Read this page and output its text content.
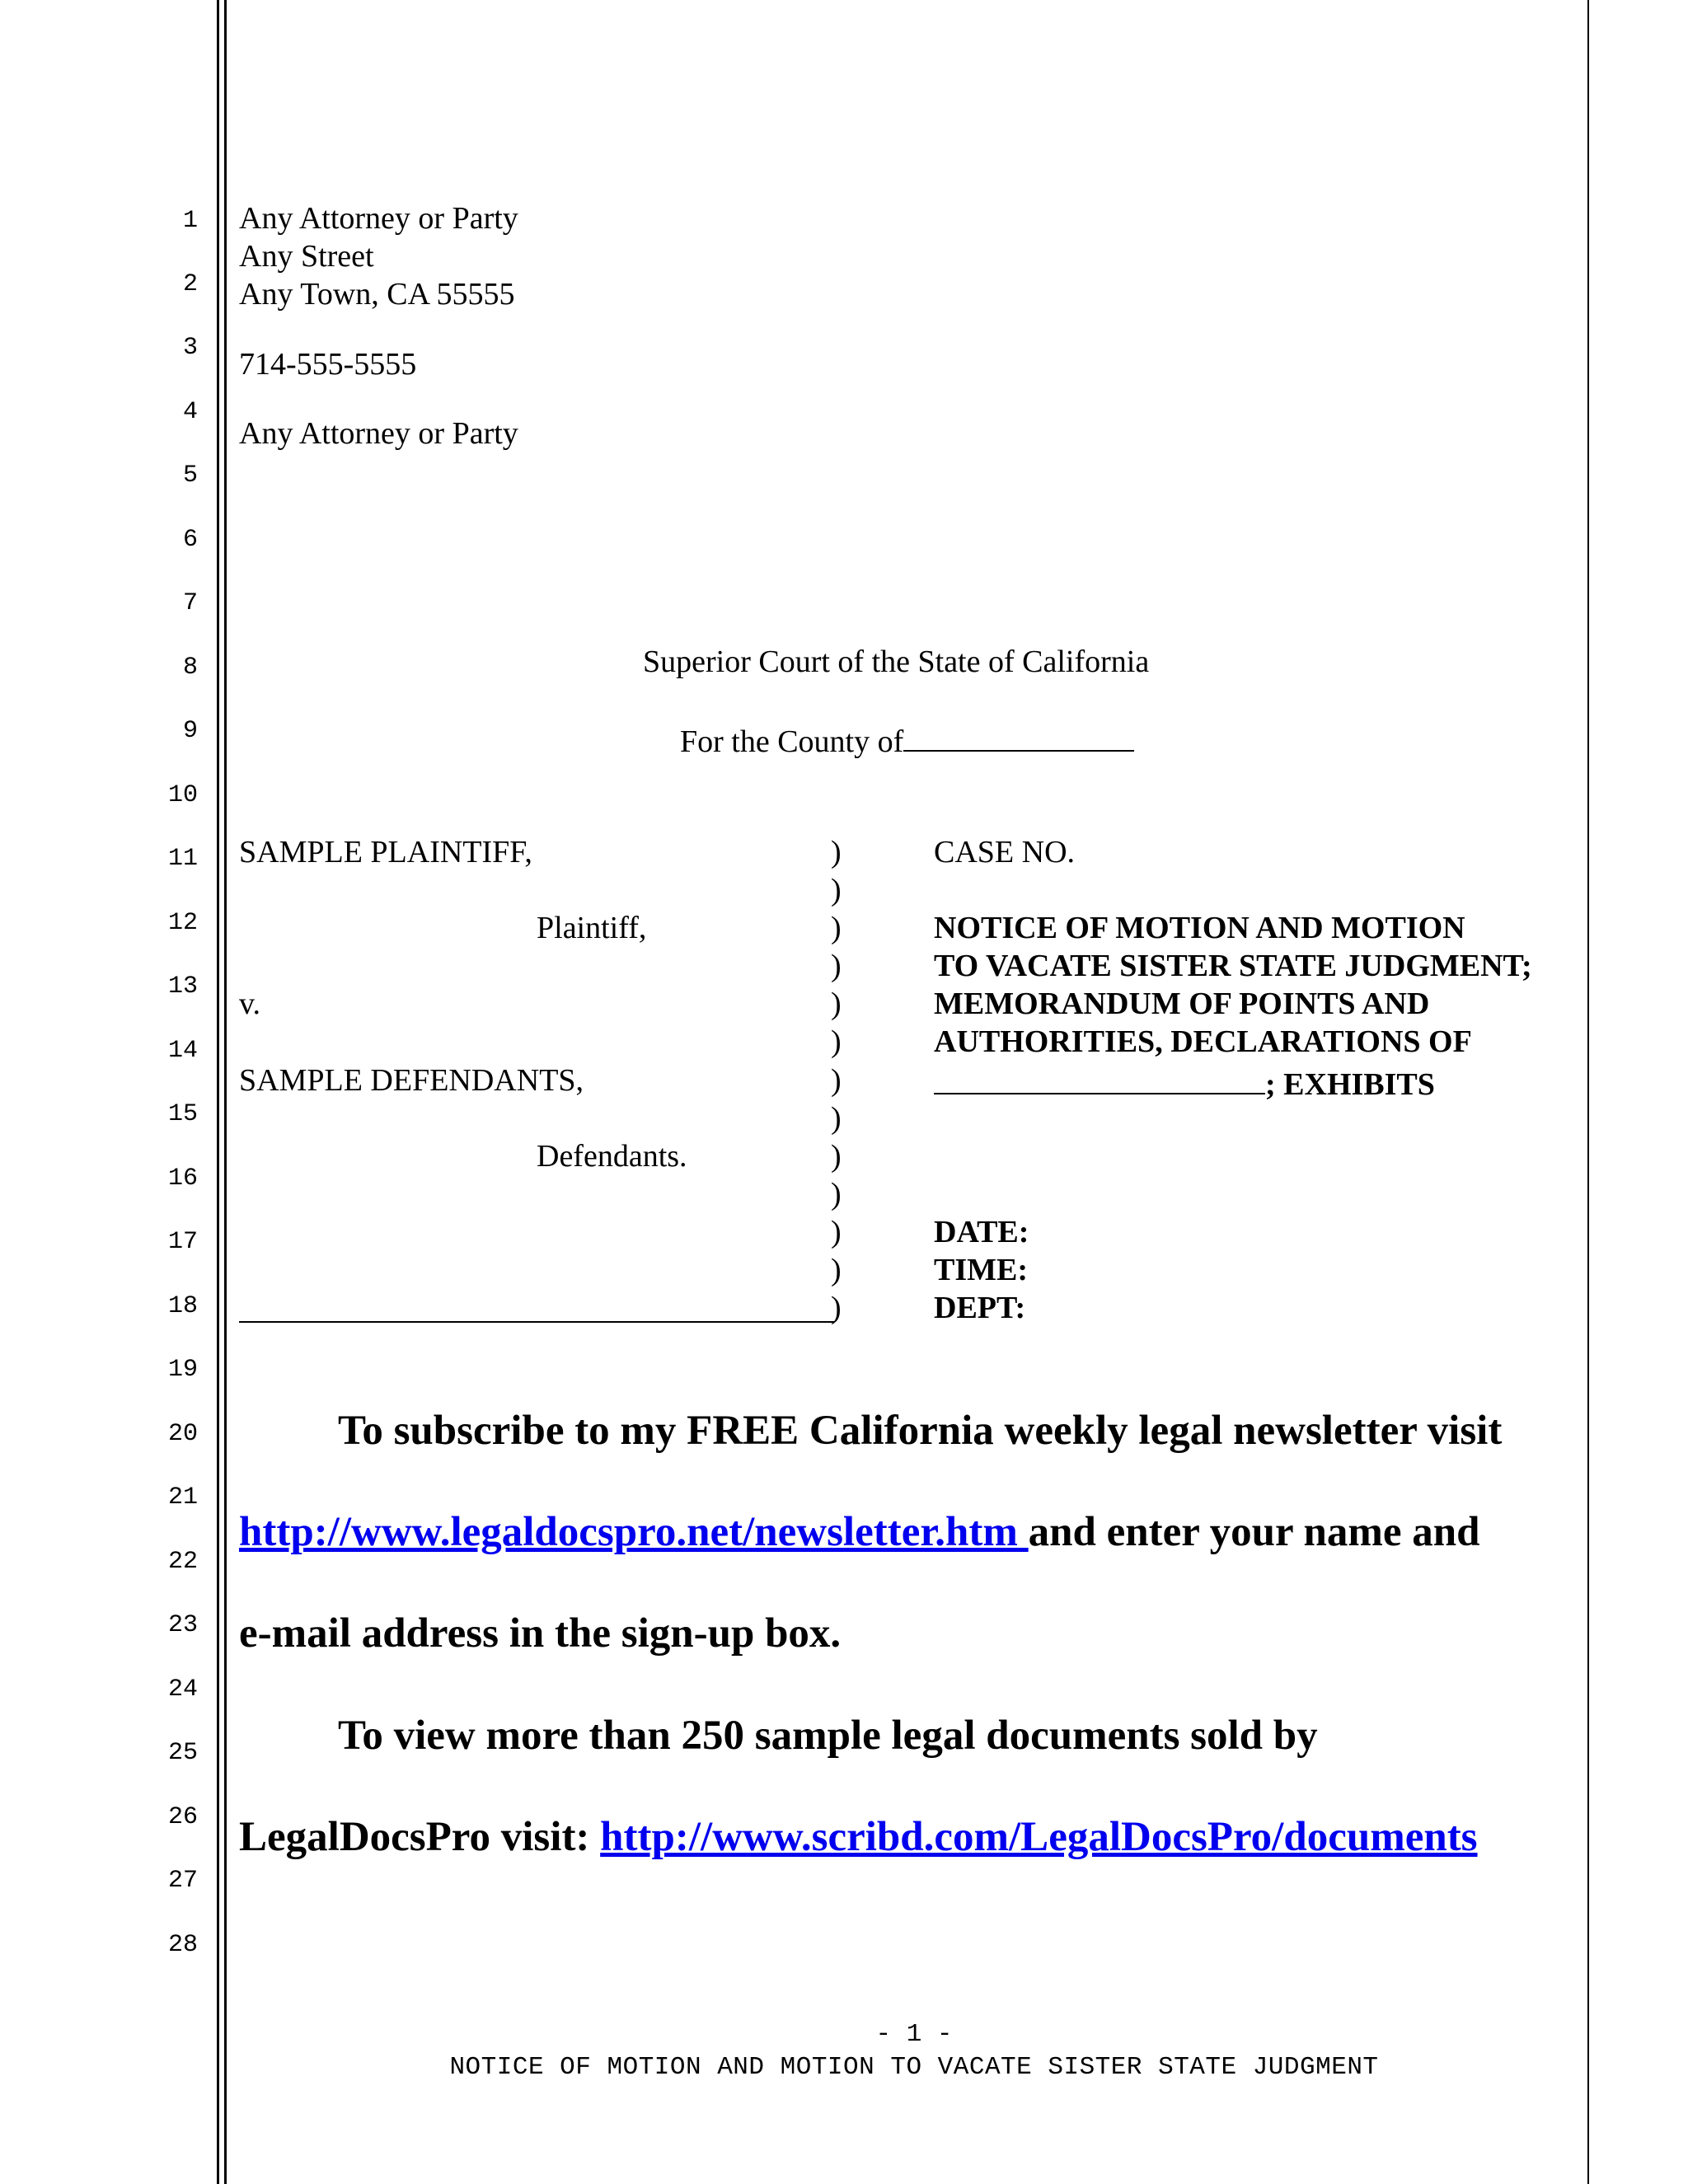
1
2
3
4
5
6
7
8
9
10
11
12
13
14
15
16
17
18
19
20
21
22
23
24
25
26
27
28
Any Attorney or Party
Any Street
Any Town, CA 55555
714-555-5555
Any Attorney or Party
Superior Court of the State of California
For the County of
SAMPLE PLAINTIFF,
Plaintiff,
v.
SAMPLE DEFENDANTS,
Defendants.
)
)
)
)
)
)
)
)
)
)
)
)
)
CASE NO.
NOTICE OF MOTION AND MOTION
TO VACATE SISTER STATE JUDGMENT;
MEMORANDUM OF POINTS AND
AUTHORITIES, DECLARATIONS OF
; EXHIBITS
DATE:
TIME:
DEPT:
To subscribe to my FREE California weekly legal newsletter visit
http://www.legaldocspro.net/newsletter.htm and enter your name and
e-mail address in the sign-up box.
To view more than 250 sample legal documents sold by
LegalDocsPro visit: http://www.scribd.com/LegalDocsPro/documents
- 1 -
NOTICE OF MOTION AND MOTION TO VACATE SISTER STATE JUDGMENT
